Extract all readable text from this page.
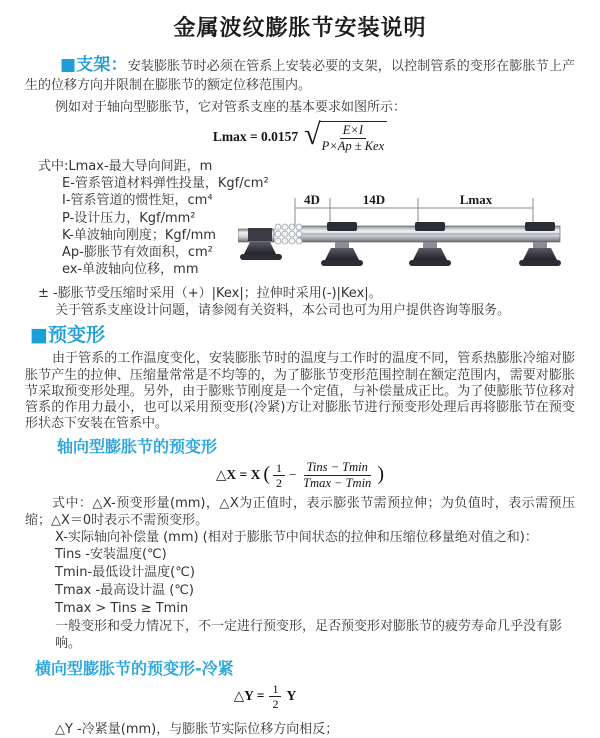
金属波纹膨胀节安装说明

■支架：安装膨胀节时必须在管系上安装必要的支架，以控制管系的变形在膨胀节上产生的位移方向并限制在膨胀节的额定位移范围内。

例如对于轴向型膨胀节，它对管系支座的基本要求如图所示：

Lmax = 0.0157 √
$\frac{E\times I}{\text{P×Ap ± Kex}}$
式中:Lmax-最大导向间距，m
E-管系管道材料弹性投量，Kgf/cm²
I-管系管道的惯性矩，cm⁴
P-设计压力，Kgf/mm²
K-单波轴向刚度；Kgf/mm
Ap-膨胀节有效面积，cm²
ex-单波轴向位移，mm
4D	14D	Lmax

± -膨胀节受压缩时采用（+）|Kex|；拉伸时采用(-)|Kex|。

关于管系支座设计问题，请参阅有关资料，本公司也可为用户提供咨询等服务。

■预变形

由于管系的工作温度变化，安装膨胀节时的温度与工作时的温度不同，管系热膨胀冷缩对膨胀节产生的拉伸、压缩量常常是不均等的，为了膨胀节变形范围控制在额定范围内，需要对膨胀节采取预变形处理。另外，由于膨账节刚度是一个定值，与补偿量成正比。为了使膨胀节位移对管系的作用力最小，也可以采用预变形(冷紧)方让对膨胀节进行预变形处理后再将膨胀节在预变形状态下安装在管系中。

轴向型膨胀节的预变形
△X = X ( $\frac{1}{2} - \frac{\text{Tins − Tmin}}{Tmax - Tmin}$ )

式中：△X-预变形量(mm)，△X为正值时，表示膨张节需预拉伸；为负值时，表示需预压缩；△X＝0时表示不需预变形。

X-实际轴向补偿量 (mm) (相对于膨胀节中间状态的拉伸和压缩位移量绝对值之和)：

Tins -安装温度(℃)
Tmin-最低设计温度(℃)
Tmax -最高设计温 (℃)
Tmax > Tins ≥ Tmin

一般变形和受力情况下，不一定进行预变形，足否预变形对膨胀节的疲劳寿命几乎没有影响。

横向型膨胀节的预变形-冷紧
△Y = $\frac{1}{2}$ Y

△Y -冷紧量(mm)，与膨胀节实际位移方向相反；
